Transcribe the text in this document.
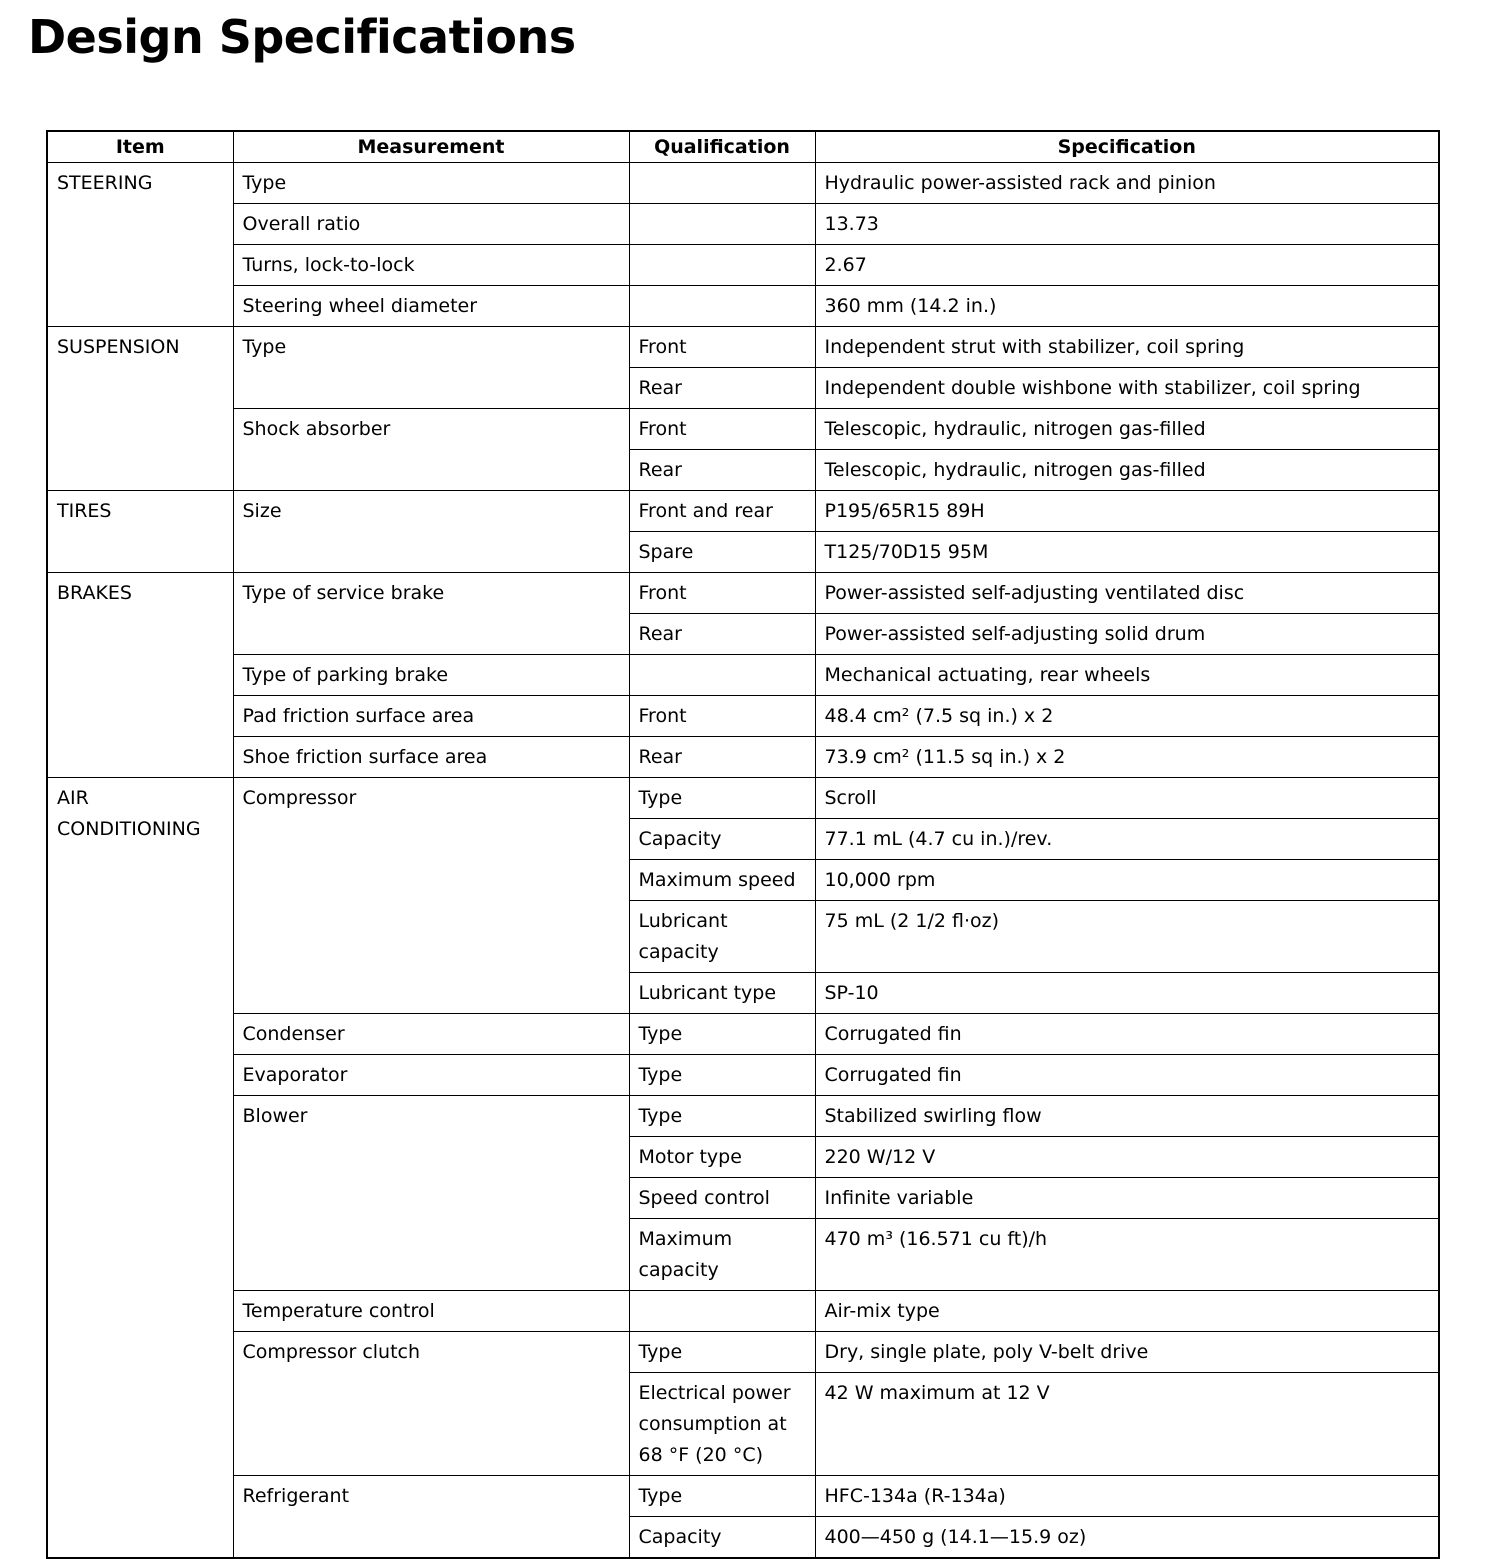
Design Specifications
Item	Measurement	Qualification	Specification
STEERING	Type		Hydraulic power-assisted rack and pinion
	Overall ratio		13.73
	Turns, lock-to-lock		2.67
	Steering wheel diameter		360 mm (14.2 in.)
SUSPENSION	Type	Front	Independent strut with stabilizer, coil spring
		Rear	Independent double wishbone with stabilizer, coil spring
	Shock absorber	Front	Telescopic, hydraulic, nitrogen gas-filled
		Rear	Telescopic, hydraulic, nitrogen gas-filled
TIRES	Size	Front and rear	P195/65R15 89H
		Spare	T125/70D15 95M
BRAKES	Type of service brake	Front	Power-assisted self-adjusting ventilated disc
		Rear	Power-assisted self-adjusting solid drum
	Type of parking brake		Mechanical actuating, rear wheels
	Pad friction surface area	Front	48.4 cm² (7.5 sq in.) x 2
	Shoe friction surface area	Rear	73.9 cm² (11.5 sq in.) x 2
AIR CONDITIONING	Compressor	Type	Scroll
		Capacity	77.1 mL (4.7 cu in.)/rev.
		Maximum speed	10,000 rpm
		Lubricant capacity	75 mL (2 1/2 fl·oz)
		Lubricant type	SP-10
	Condenser	Type	Corrugated fin
	Evaporator	Type	Corrugated fin
	Blower	Type	Stabilized swirling flow
		Motor type	220 W/12 V
		Speed control	Infinite variable
		Maximum capacity	470 m³ (16.571 cu ft)/h
	Temperature control		Air-mix type
	Compressor clutch	Type	Dry, single plate, poly V-belt drive
		Electrical power consumption at 68 °F (20 °C)	42 W maximum at 12 V
	Refrigerant	Type	HFC-134a (R-134a)
		Capacity	400—450 g (14.1—15.9 oz)
